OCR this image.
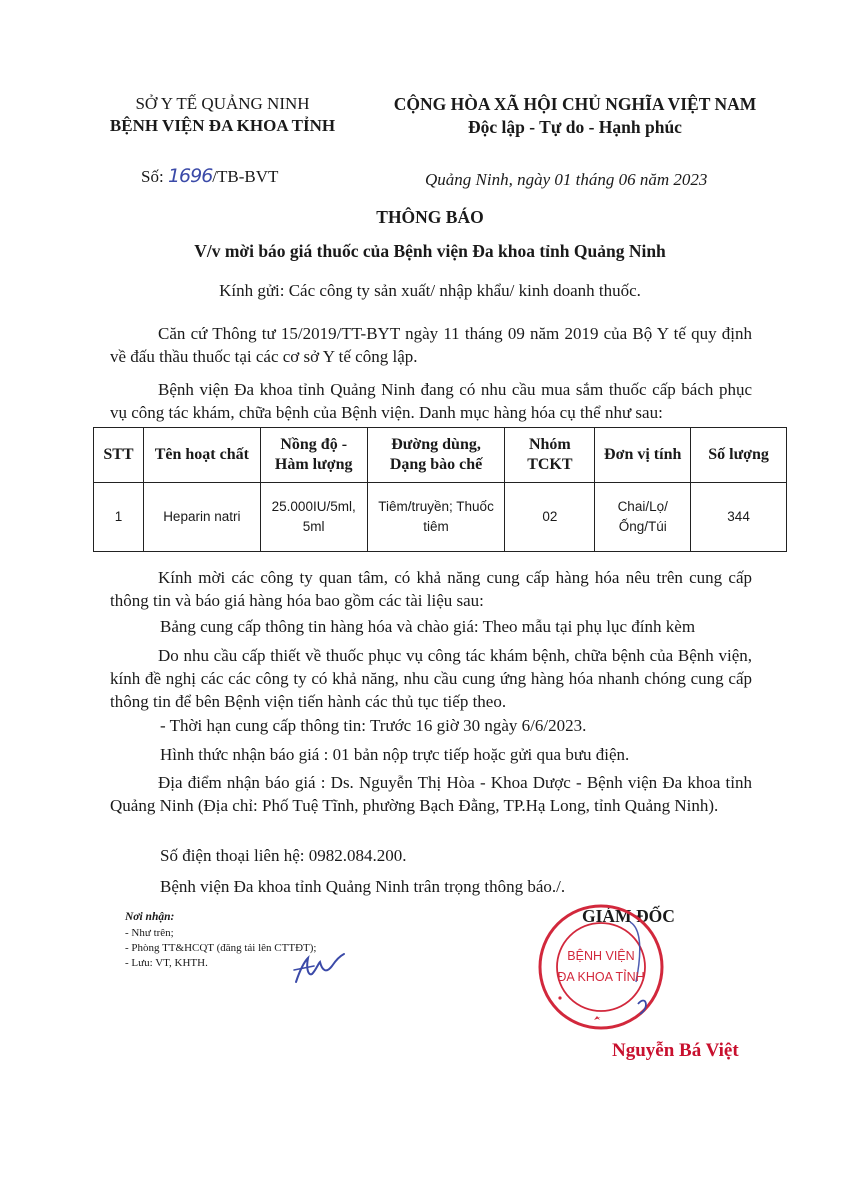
SỞ Y TẾ QUẢNG NINH
BỆNH VIỆN ĐA KHOA TỈNH
CỘNG HÒA XÃ HỘI CHỦ NGHĨA VIỆT NAM
Độc lập - Tự do - Hạnh phúc
Số: 1696/TB-BVT	Quảng Ninh, ngày 01 tháng 06 năm 2023
THÔNG BÁO
V/v mời báo giá thuốc của Bệnh viện Đa khoa tỉnh Quảng Ninh
Kính gửi: Các công ty sản xuất/ nhập khẩu/ kinh doanh thuốc.
Căn cứ Thông tư 15/2019/TT-BYT ngày 11 tháng 09 năm 2019 của Bộ Y tế quy định về đấu thầu thuốc tại các cơ sở Y tế công lập.
Bệnh viện Đa khoa tỉnh Quảng Ninh đang có nhu cầu mua sắm thuốc cấp bách phục vụ công tác khám, chữa bệnh của Bệnh viện. Danh mục hàng hóa cụ thể như sau:
STT	Tên hoạt chất	Nồng độ - Hàm lượng	Đường dùng, Dạng bào chế	Nhóm TCKT	Đơn vị tính	Số lượng
1	Heparin natri	25.000IU/5ml, 5ml	Tiêm/truyền; Thuốc tiêm	02	Chai/Lọ/ Ống/Túi	344
Kính mời các công ty quan tâm, có khả năng cung cấp hàng hóa nêu trên cung cấp thông tin và báo giá hàng hóa bao gồm các tài liệu sau:
Bảng cung cấp thông tin hàng hóa và chào giá: Theo mẫu tại phụ lục đính kèm
Do nhu cầu cấp thiết về thuốc phục vụ công tác khám bệnh, chữa bệnh của Bệnh viện, kính đề nghị các các công ty có khả năng, nhu cầu cung ứng hàng hóa nhanh chóng cung cấp thông tin để bên Bệnh viện tiến hành các thủ tục tiếp theo.
- Thời hạn cung cấp thông tin: Trước 16 giờ 30 ngày 6/6/2023.
Hình thức nhận báo giá : 01 bản nộp trực tiếp hoặc gửi qua bưu điện.
Địa điểm nhận báo giá : Ds. Nguyễn Thị Hòa - Khoa Dược - Bệnh viện Đa khoa tỉnh Quảng Ninh (Địa chỉ: Phố Tuệ Tĩnh, phường Bạch Đằng, TP.Hạ Long, tỉnh Quảng Ninh).
Số điện thoại liên hệ: 0982.084.200.
Bệnh viện Đa khoa tỉnh Quảng Ninh trân trọng thông báo./.
Nơi nhận:
- Như trên;
- Phòng TT&HCQT (đăng tải lên CTTĐT);
- Lưu: VT, KHTH.
GIÁM ĐỐC
BỆNH VIỆN
ĐA KHOA TỈNH
Nguyễn Bá Việt
